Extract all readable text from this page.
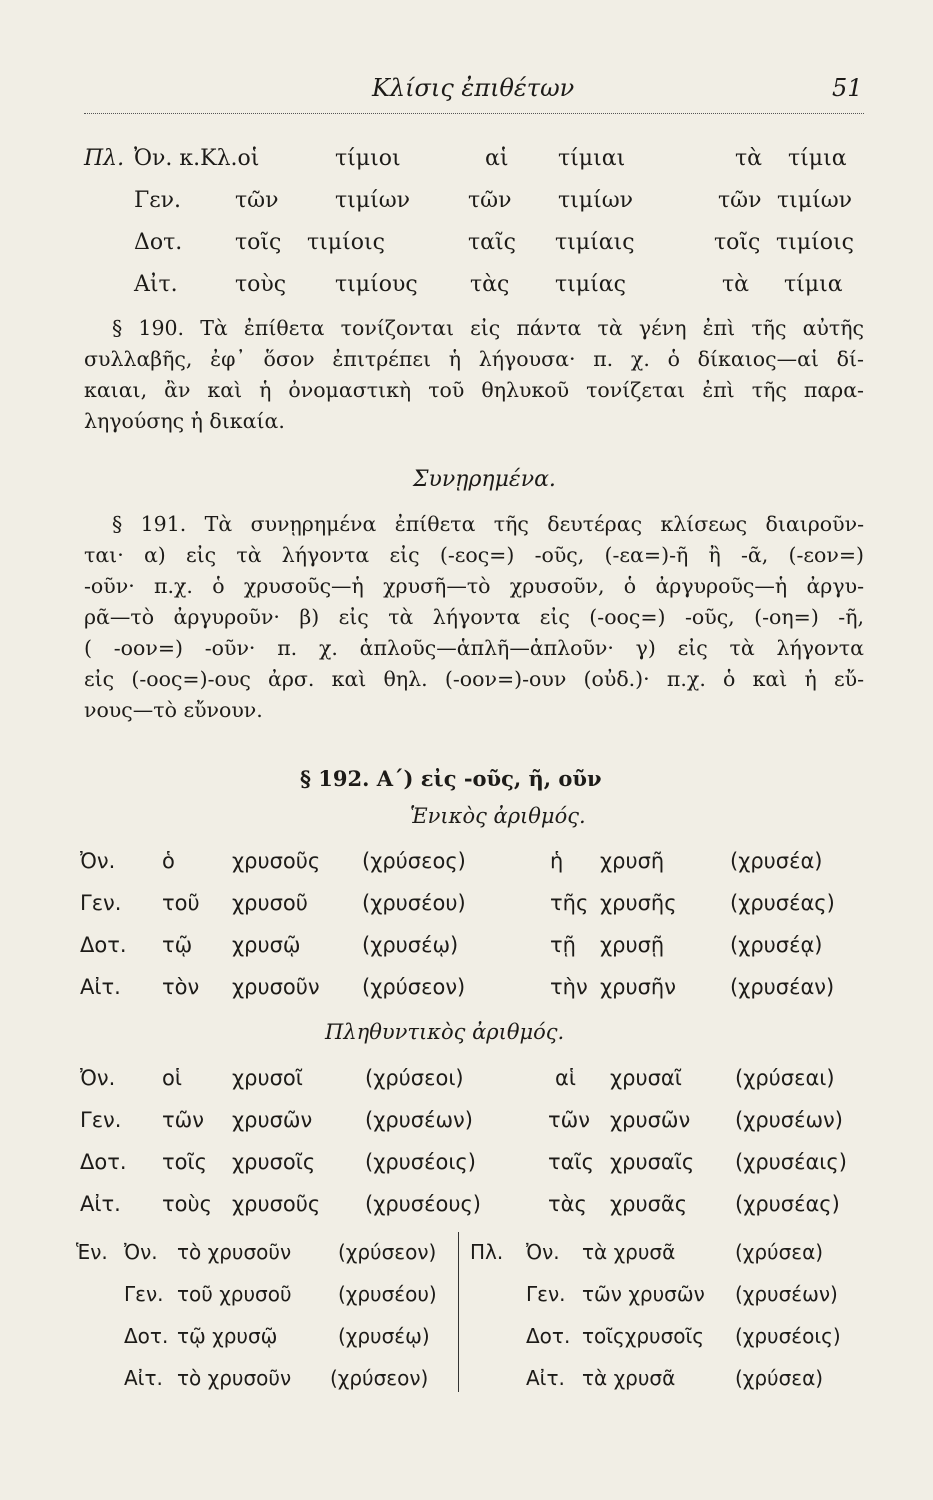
Κλίσις ἐπιθέτων	51
Πλ. Ὀν. κ.Κλ.οἱ	τίμιοι	αἱ τίμιαι	τὰ τίμια
Γεν. τῶν	τιμίων	τῶν τιμίων	τῶν τιμίων
Δοτ. τοῖς τιμίοις	ταῖς τιμίαις	τοῖς τιμίοις
Αἰτ.	τοὺς τιμίους τὰς τιμίας	τὰ τίμια
§ 190. Τὰ ἐπίθετα τονίζονται εἰς πάντα τὰ γένη ἐπὶ τῆς αὐτῆς
συλλαβῆς, ἐφ᾽ ὅσον ἐπιτρέπει ἡ λήγουσα· π. χ. ὁ δίκαιος—αἱ δί-
καιαι, ἂν καὶ ἡ ὀνομαστικὴ τοῦ θηλυκοῦ τονίζεται ἐπὶ τῆς παρα-
ληγούσης ἡ δικαία.
Συνῃρημένα.
§ 191. Τὰ συνῃρημένα ἐπίθετα τῆς δευτέρας κλίσεως διαιροῦν-
ται· α) εἰς τὰ λήγοντα εἰς (-εος=) -οῦς, (-εα=)-ῆ ἢ -ᾶ, (-εον=)
-οῦν· π.χ. ὁ χρυσοῦς—ἡ χρυσῆ—τὸ χρυσοῦν, ὁ ἀργυροῦς—ἡ ἀργυ-
ρᾶ—τὸ ἀργυροῦν· β) εἰς τὰ λήγοντα εἰς (-οος=) -οῦς, (-οη=) -ῆ,
( -οον=) -οῦν· π. χ. ἁπλοῦς—ἁπλῆ—ἁπλοῦν· γ) εἰς τὰ λήγοντα
εἰς (-οος=)-ους ἀρσ. καὶ θηλ. (-οον=)-ουν (οὐδ.)· π.χ. ὁ καὶ ἡ εὔ-
νους—τὸ εὔνουν.
§ 192. Α΄) εἰς -οῦς, ῆ, οῦν
Ἑνικὸς ἀριθμός.
Ὀν. ὁ	χρυσοῦς (χρύσεος)	ἡ χρυσῆ	(χρυσέα)
Γεν. τοῦ χρυσοῦ	(χρυσέου)	τῆς χρυσῆς	(χρυσέας)
Δοτ. τῷ χρυσῷ	(χρυσέῳ)	τῇ χρυσῇ	(χρυσέᾳ)
Αἰτ. τὸν χρυσοῦν (χρύσεον)	τὴν χρυσῆν	(χρυσέαν)
Πληθυντικὸς ἀριθμός.
Ὀν. οἱ χρυσοῖ	(χρύσεοι)	αἱ χρυσαῖ	(χρύσεαι)
Γεν. τῶν χρυσῶν	(χρυσέων)	τῶν χρυσῶν (χρυσέων)
Δοτ. τοῖς χρυσοῖς (χρυσέοις)	ταῖς χρυσαῖς (χρυσέαις)
Αἰτ. τοὺς χρυσοῦς (χρυσέους)	τὰς χρυσᾶς (χρυσέας)
Ἑν. Ὀν. τὸ χρυσοῦν (χρύσεον)
Γεν. τοῦ χρυσοῦ (χρυσέου)
Δοτ. τῷ χρυσῷ	(χρυσέῳ)
Αἰτ. τὸ χρυσοῦν (χρύσεον)
Πλ. Ὀν. τὰ χρυσᾶ	(χρύσεα)
Γεν. τῶν χρυσῶν (χρυσέων)
Δοτ. τοῖςχρυσοῖς (χρυσέοις)
Αἰτ. τὰ χρυσᾶ	(χρύσεα)
